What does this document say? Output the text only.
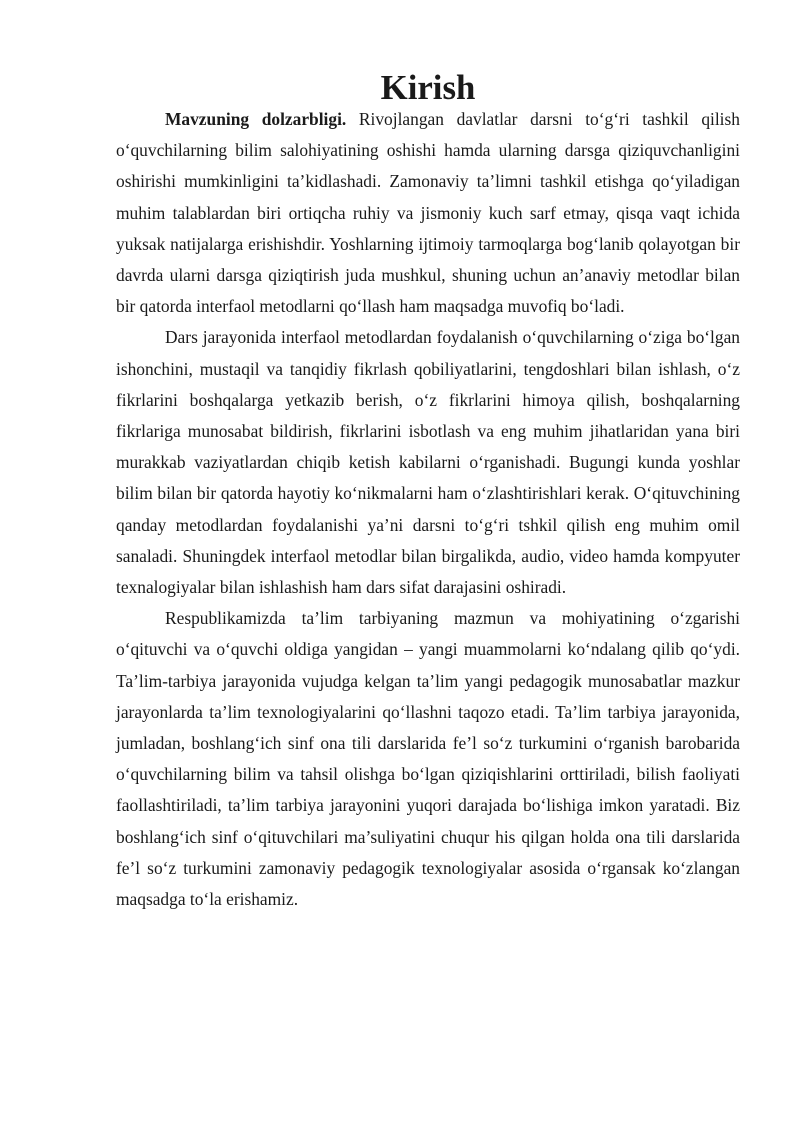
Kirish

Mavzuning dolzarbligi. Rivojlangan davlatlar darsni to‘g‘ri tashkil qilish o‘quvchilarning bilim salohiyatining oshishi hamda ularning darsga qiziquvchanligini oshirishi mumkinligini ta’kidlashadi. Zamonaviy ta’limni tashkil etishga qo‘yiladigan muhim talablardan biri ortiqcha ruhiy va jismoniy kuch sarf etmay, qisqa vaqt ichida yuksak natijalarga erishishdir. Yoshlarning ijtimoiy tarmoqlarga bog‘lanib qolayotgan bir davrda ularni darsga qiziqtirish juda mushkul, shuning uchun an’anaviy metodlar bilan bir qatorda interfaol metodlarni qo‘llash ham maqsadga muvofiq bo‘ladi.

Dars jarayonida interfaol metodlardan foydalanish o‘quvchilarning o‘ziga bo‘lgan ishonchini, mustaqil va tanqidiy fikrlash qobiliyatlarini, tengdoshlari bilan ishlash, o‘z fikrlarini boshqalarga yetkazib berish, o‘z fikrlarini himoya qilish, boshqalarning fikrlariga munosabat bildirish, fikrlarini isbotlash va eng muhim jihatlaridan yana biri murakkab vaziyatlardan chiqib ketish kabilarni o‘rganishadi. Bugungi kunda yoshlar bilim bilan bir qatorda hayotiy ko‘nikmalarni ham o‘zlashtirishlari kerak. O‘qituvchining qanday metodlardan foydalanishi ya’ni darsni to‘g‘ri tshkil qilish eng muhim omil sanaladi. Shuningdek interfaol metodlar bilan birgalikda, audio, video hamda kompyuter texnalogiyalar bilan ishlashish ham dars sifat darajasini oshiradi.

Respublikamizda ta’lim tarbiyaning mazmun va mohiyatining o‘zgarishi o‘qituvchi va o‘quvchi oldiga yangidan – yangi muammolarni ko‘ndalang qilib qo‘ydi. Ta’lim-tarbiya jarayonida vujudga kelgan ta’lim yangi pedagogik munosabatlar mazkur jarayonlarda ta’lim texnologiyalarini qo‘llashni taqozo etadi. Ta’lim tarbiya jarayonida, jumladan, boshlang‘ich sinf ona tili darslarida fe’l so‘z turkumini o‘rganish barobarida o‘quvchilarning bilim va tahsil olishga bo‘lgan qiziqishlarini orttiriladi, bilish faoliyati faollashtiriladi, ta’lim tarbiya jarayonini yuqori darajada bo‘lishiga imkon yaratadi. Biz boshlang‘ich sinf o‘qituvchilari ma’suliyatini chuqur his qilgan holda ona tili darslarida fe’l so‘z turkumini zamonaviy pedagogik texnologiyalar asosida o‘rgansak ko‘zlangan maqsadga to‘la erishamiz.
